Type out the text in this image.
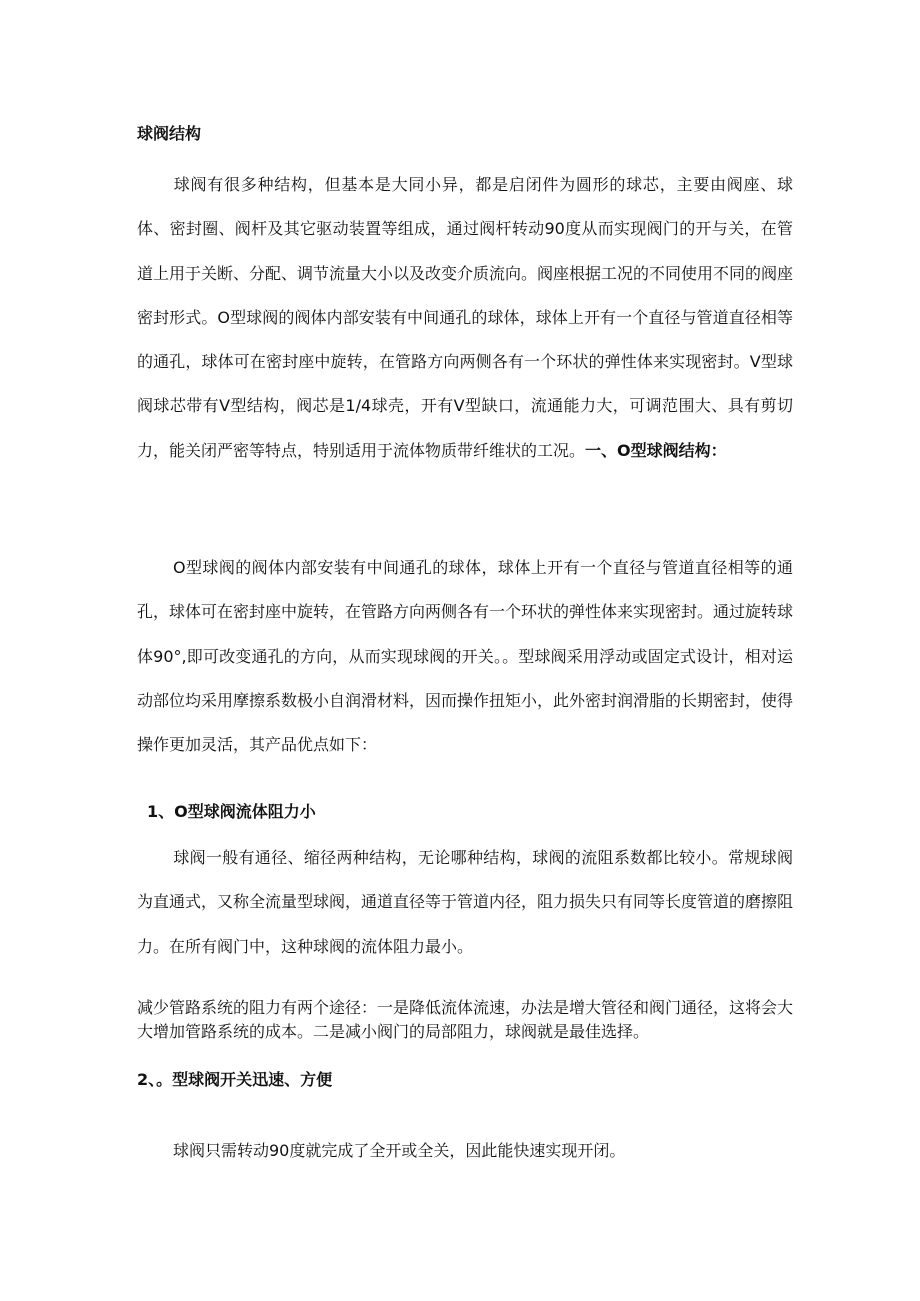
球阀结构
球阀有很多种结构，但基本是大同小异，都是启闭件为圆形的球芯，主要由阀座、球体、密封圈、阀杆及其它驱动装置等组成，通过阀杆转动90度从而实现阀门的开与关，在管道上用于关断、分配、调节流量大小以及改变介质流向。阀座根据工况的不同使用不同的阀座密封形式。O型球阀的阀体内部安装有中间通孔的球体，球体上开有一个直径与管道直径相等的通孔，球体可在密封座中旋转，在管路方向两侧各有一个环状的弹性体来实现密封。V型球阀球芯带有V型结构，阀芯是1/4球壳，开有V型缺口，流通能力大，可调范围大、具有剪切力，能关闭严密等特点，特别适用于流体物质带纤维状的工况。一、O型球阀结构：
O型球阀的阀体内部安装有中间通孔的球体，球体上开有一个直径与管道直径相等的通孔，球体可在密封座中旋转，在管路方向两侧各有一个环状的弹性体来实现密封。通过旋转球体90°,即可改变通孔的方向，从而实现球阀的开关。。型球阀采用浮动或固定式设计，相对运动部位均采用摩擦系数极小自润滑材料，因而操作扭矩小，此外密封润滑脂的长期密封，使得操作更加灵活，其产品优点如下：
1、O型球阀流体阻力小
球阀一般有通径、缩径两种结构，无论哪种结构，球阀的流阻系数都比较小。常规球阀为直通式，又称全流量型球阀，通道直径等于管道内径，阻力损失只有同等长度管道的磨擦阻力。在所有阀门中，这种球阀的流体阻力最小。
减少管路系统的阻力有两个途径：一是降低流体流速，办法是增大管径和阀门通径，这将会大大增加管路系统的成本。二是减小阀门的局部阻力，球阀就是最佳选择。
2、。型球阀开关迅速、方便
球阀只需转动90度就完成了全开或全关，因此能快速实现开闭。
